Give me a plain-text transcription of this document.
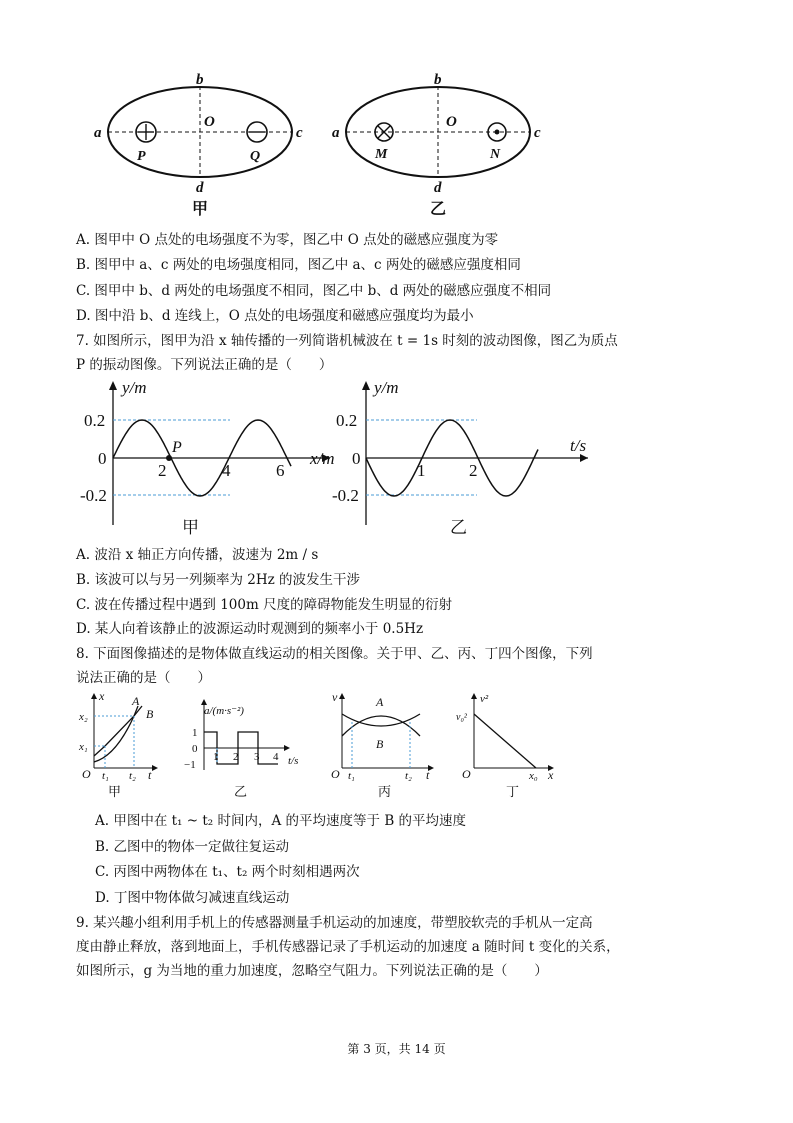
b
d
a	c
O
P	Q
甲
b
d
a	c
O
M	N
乙
A. 图甲中 O 点处的电场强度不为零，图乙中 O 点处的磁感应强度为零
B. 图甲中 a、c 两处的电场强度相同，图乙中 a、c 两处的磁感应强度相同
C. 图甲中 b、d 两处的电场强度不相同，图乙中 b、d 两处的磁感应强度不相同
D. 图中沿 b、d 连线上，O 点处的电场强度和磁感应强度均为最小
7. 如图所示，图甲为沿 x 轴传播的一列简谐机械波在 t = 1s 时刻的波动图像，图乙为质点
P 的振动图像。下列说法正确的是（　　）
y/m
x/m
0.2
0
-0.2
2	4	6
P
甲
y/m
t/s
0.2
0
-0.2
1	2
乙
A. 波沿 x 轴正方向传播，波速为 2m / s
B. 该波可以与另一列频率为 2Hz 的波发生干涉
C. 波在传播过程中遇到 100m 尺度的障碍物能发生明显的衍射
D. 某人向着该静止的波源运动时观测到的频率小于 0.5Hz
8. 下面图像描述的是物体做直线运动的相关图像。关于甲、乙、丙、丁四个图像，下列
说法正确的是（　　）
x A
B
x₂
x₁
O t₁ t₂ t
甲
a/(m·s⁻²)
t/s
1
0
−1
1 2 3 4
乙
v	A
B
O t₁	t₂ t
丙
v²
v₀²
O	x₀ x
丁
A. 甲图中在 t₁ ~ t₂ 时间内，A 的平均速度等于 B 的平均速度
B. 乙图中的物体一定做往复运动
C. 丙图中两物体在 t₁、t₂ 两个时刻相遇两次
D. 丁图中物体做匀减速直线运动
9. 某兴趣小组利用手机上的传感器测量手机运动的加速度，带塑胶软壳的手机从一定高
度由静止释放，落到地面上，手机传感器记录了手机运动的加速度 a 随时间 t 变化的关系，
如图所示，g 为当地的重力加速度，忽略空气阻力。下列说法正确的是（　　）
第 3 页，共 14 页
